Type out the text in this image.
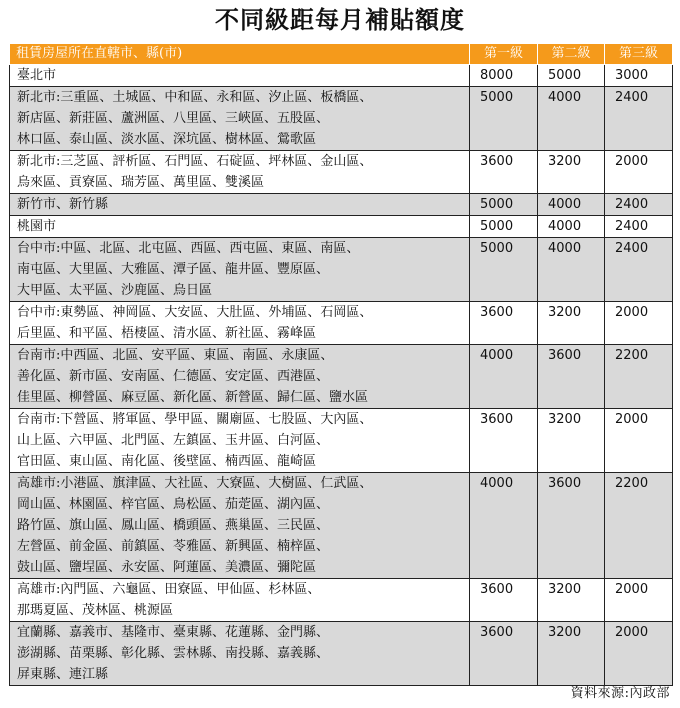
不同級距每月補貼額度
租賃房屋所在直轄市、縣(市)	第一級	第二級	第三級

臺北市	8000	5000	3000

新北市:三重區、土城區、中和區、永和區、汐止區、板橋區、
新店區、新莊區、蘆洲區、八里區、三峽區、五股區、
林口區、泰山區、淡水區、深坑區、樹林區、鶯歌區	5000	4000	2400

新北市:三芝區、評析區、石門區、石碇區、坪林區、金山區、
烏來區、貢寮區、瑞芳區、萬里區、雙溪區	3600	3200	2000

新竹市、新竹縣	5000	4000	2400

桃園市	5000	4000	2400

台中市:中區、北區、北屯區、西區、西屯區、東區、南區、
南屯區、大里區、大雅區、潭子區、龍井區、豐原區、
大甲區、太平區、沙鹿區、烏日區	5000	4000	2400

台中市:東勢區、神岡區、大安區、大肚區、外埔區、石岡區、
后里區、和平區、梧棲區、清水區、新社區、霧峰區	3600	3200	2000

台南市:中西區、北區、安平區、東區、南區、永康區、
善化區、新市區、安南區、仁德區、安定區、西港區、
佳里區、柳營區、麻豆區、新化區、新營區、歸仁區、鹽水區	4000	3600	2200

台南市:下營區、將軍區、學甲區、關廟區、七股區、大內區、
山上區、六甲區、北門區、左鎮區、玉井區、白河區、
官田區、東山區、南化區、後壁區、楠西區、龍崎區	3600	3200	2000

高雄市:小港區、旗津區、大社區、大寮區、大樹區、仁武區、
岡山區、林園區、梓官區、鳥松區、茄萣區、湖內區、
路竹區、旗山區、鳳山區、橋頭區、燕巢區、三民區、
左營區、前金區、前鎮區、苓雅區、新興區、楠梓區、
鼓山區、鹽埕區、永安區、阿蓮區、美濃區、彌陀區	4000	3600	2200

高雄市:內門區、六龜區、田寮區、甲仙區、杉林區、
那瑪夏區、茂林區、桃源區	3600	3200	2000

宜蘭縣、嘉義市、基隆市、臺東縣、花蓮縣、金門縣、
澎湖縣、苗栗縣、彰化縣、雲林縣、南投縣、嘉義縣、
屏東縣、連江縣	3600	3200	2000
資料來源:內政部
